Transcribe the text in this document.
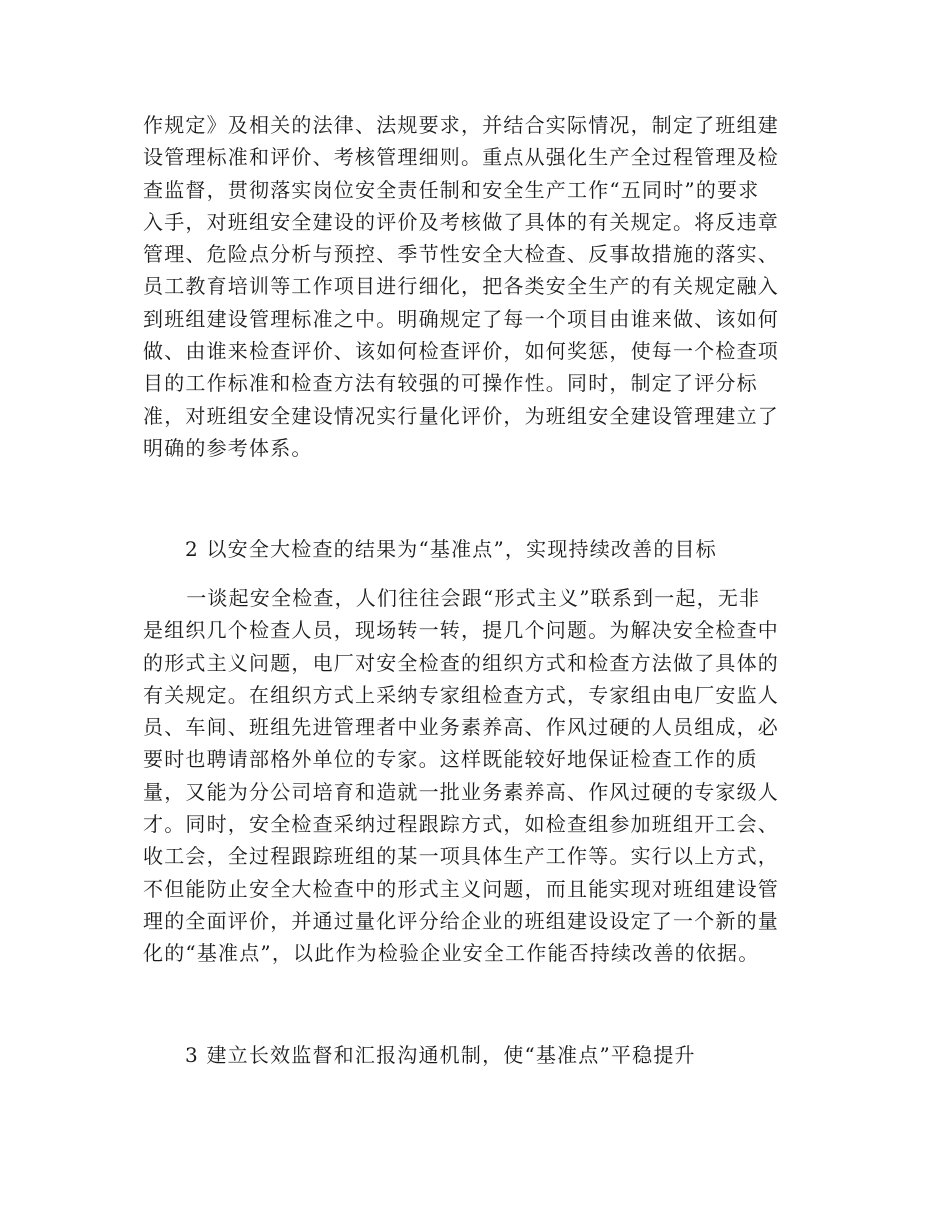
作规定》及相关的法律、法规要求，并结合实际情况，制定了班组建
设管理标准和评价、考核管理细则。重点从强化生产全过程管理及检
查监督，贯彻落实岗位安全责任制和安全生产工作“五同时”的要求
入手，对班组安全建设的评价及考核做了具体的有关规定。将反违章
管理、危险点分析与预控、季节性安全大检查、反事故措施的落实、
员工教育培训等工作项目进行细化，把各类安全生产的有关规定融入
到班组建设管理标准之中。明确规定了每一个项目由谁来做、该如何
做、由谁来检查评价、该如何检查评价，如何奖惩，使每一个检查项
目的工作标准和检查方法有较强的可操作性。同时，制定了评分标
准，对班组安全建设情况实行量化评价，为班组安全建设管理建立了
明确的参考体系。
2 以安全大检查的结果为“基准点”，实现持续改善的目标
　一谈起安全检查，人们往往会跟“形式主义”联系到一起，无非
是组织几个检查人员，现场转一转，提几个问题。为解决安全检查中
的形式主义问题，电厂对安全检查的组织方式和检查方法做了具体的
有关规定。在组织方式上采纳专家组检查方式，专家组由电厂安监人
员、车间、班组先进管理者中业务素养高、作风过硬的人员组成，必
要时也聘请部格外单位的专家。这样既能较好地保证检查工作的质
量，又能为分公司培育和造就一批业务素养高、作风过硬的专家级人
才。同时，安全检查采纳过程跟踪方式，如检查组参加班组开工会、
收工会，全过程跟踪班组的某一项具体生产工作等。实行以上方式，
不但能防止安全大检查中的形式主义问题，而且能实现对班组建设管
理的全面评价，并通过量化评分给企业的班组建设设定了一个新的量
化的“基准点”，以此作为检验企业安全工作能否持续改善的依据。
3 建立长效监督和汇报沟通机制，使“基准点”平稳提升
